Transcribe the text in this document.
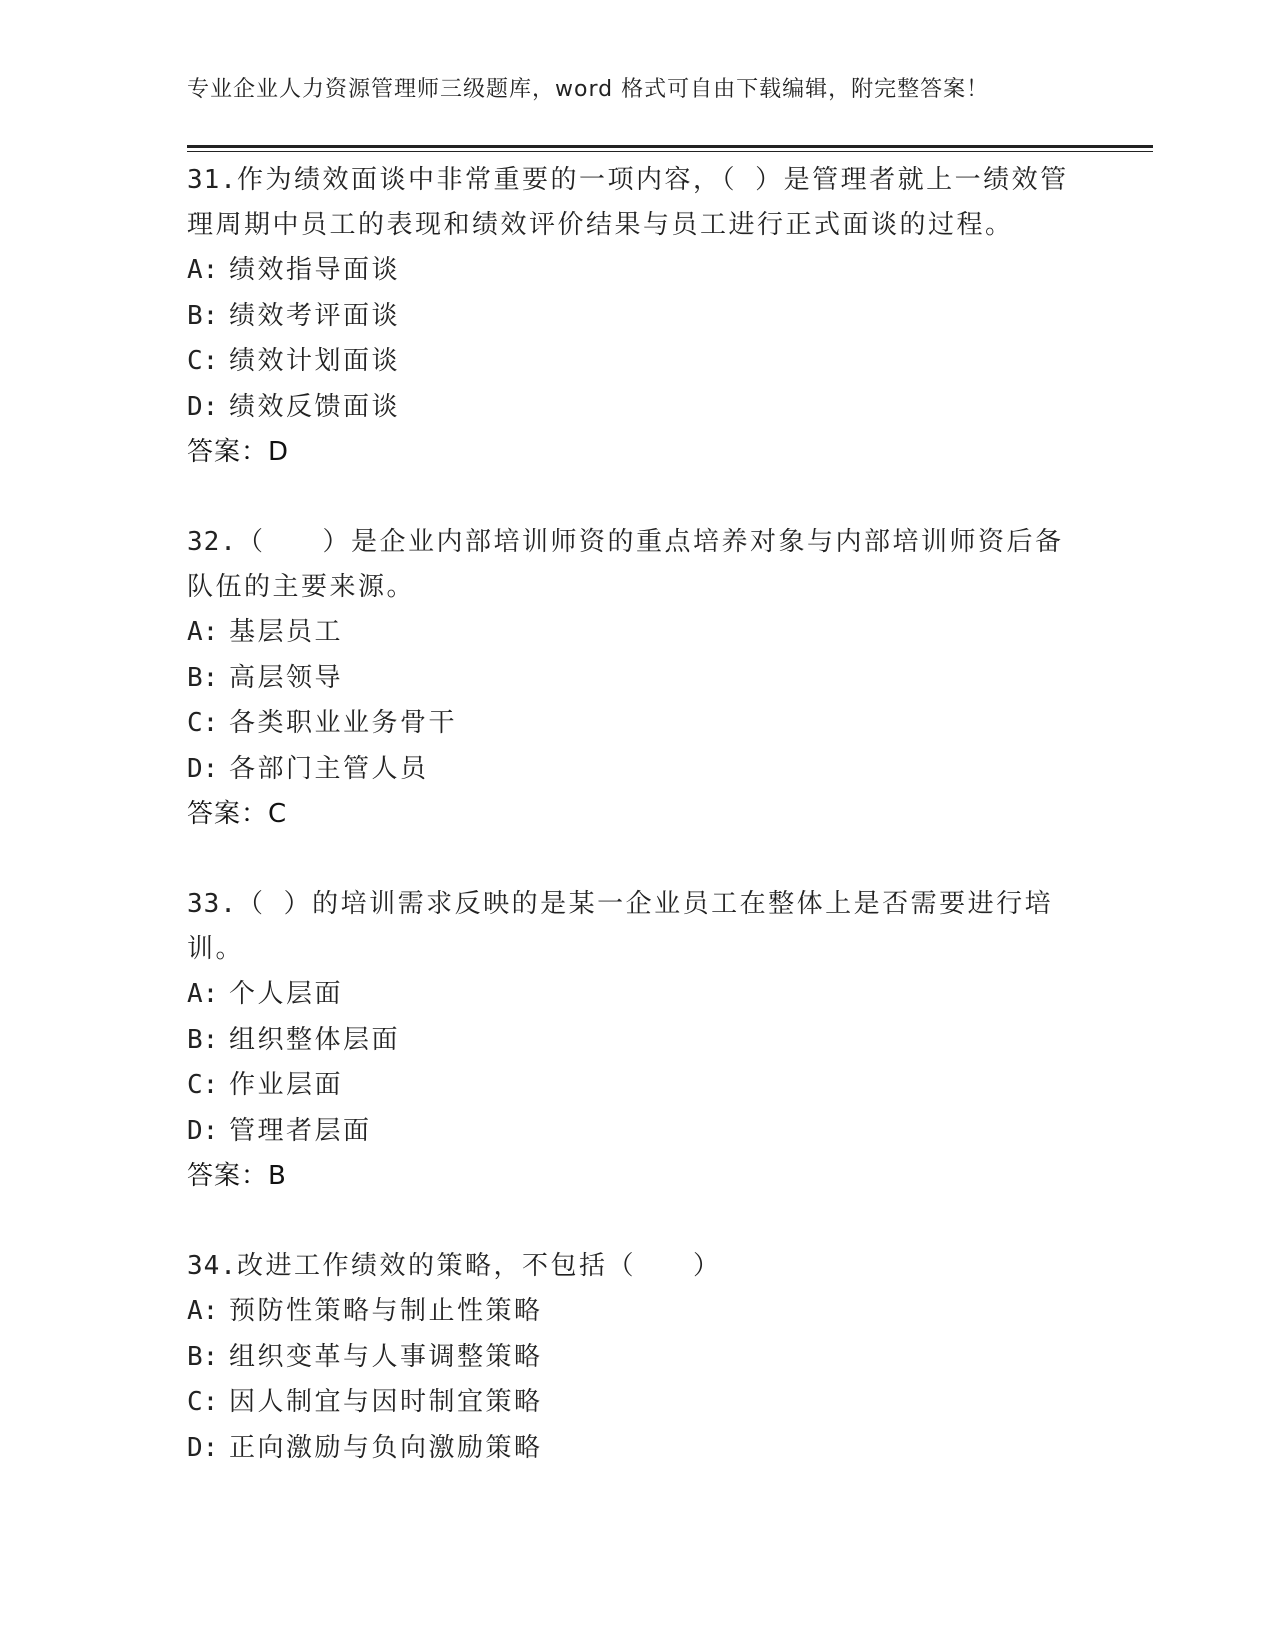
专业企业人力资源管理师三级题库，word 格式可自由下载编辑，附完整答案！
31.作为绩效面谈中非常重要的一项内容，（ ）是管理者就上一绩效管理周期中员工的表现和绩效评价结果与员工进行正式面谈的过程。
A: 绩效指导面谈
B: 绩效考评面谈
C: 绩效计划面谈
D: 绩效反馈面谈
答案：D
32.（　　）是企业内部培训师资的重点培养对象与内部培训师资后备队伍的主要来源。
A: 基层员工
B: 高层领导
C: 各类职业业务骨干
D: 各部门主管人员
答案：C
33.（ ）的培训需求反映的是某一企业员工在整体上是否需要进行培训。
A: 个人层面
B: 组织整体层面
C: 作业层面
D: 管理者层面
答案：B
34.改进工作绩效的策略，不包括（　　）
A: 预防性策略与制止性策略
B: 组织变革与人事调整策略
C: 因人制宜与因时制宜策略
D: 正向激励与负向激励策略
